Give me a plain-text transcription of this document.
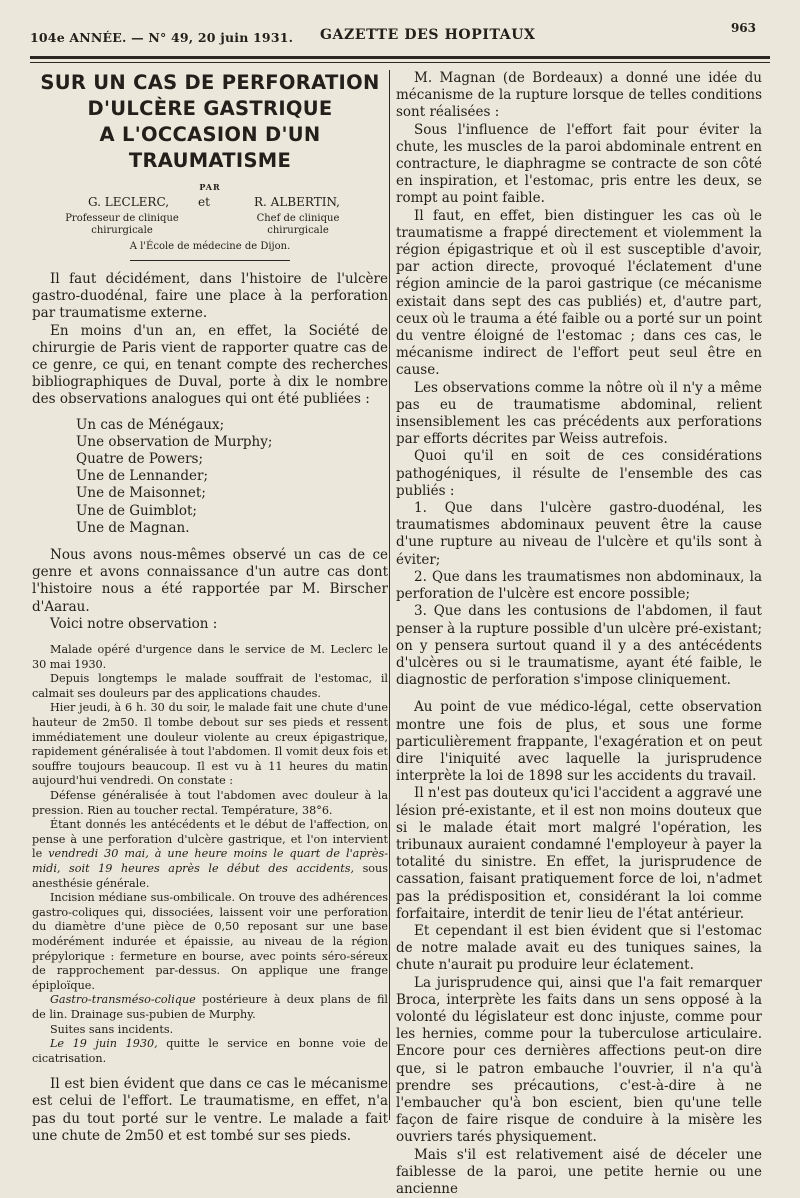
104e ANNÉE. — N° 49, 20 juin 1931. GAZETTE DES HOPITAUX	963
SUR UN CAS DE PERFORATION
D'ULCÈRE GASTRIQUE
A L'OCCASION D'UN TRAUMATISME
PAR
G. LECLERC, et	R. ALBERTIN,
Professeur de clinique
chirurgicale
Chef de clinique
chirurgicale
A l'École de médecine de Dijon.

Il faut décidément, dans l'histoire de l'ulcère gastro-duodénal, faire une place à la perforation par traumatisme externe.

En moins d'un an, en effet, la Société de chirurgie de Paris vient de rapporter quatre cas de ce genre, ce qui, en tenant compte des recherches bibliographiques de Duval, porte à dix le nombre des observations analogues qui ont été publiées :

Un cas de Ménégaux;
Une observation de Murphy;
Quatre de Powers;
Une de Lennander;
Une de Maisonnet;
Une de Guimblot;
Une de Magnan.

Nous avons nous-mêmes observé un cas de ce genre et avons connaissance d'un autre cas dont l'histoire nous a été rapportée par M. Birscher d'Aarau.

Voici notre observation :

Malade opéré d'urgence dans le service de M. Leclerc le 30 mai 1930.

Depuis longtemps le malade souffrait de l'estomac, il calmait ses douleurs par des applications chaudes.

Hier jeudi, à 6 h. 30 du soir, le malade fait une chute d'une hauteur de 2m50. Il tombe debout sur ses pieds et ressent immédiatement une douleur violente au creux épigastrique, rapidement généralisée à tout l'abdomen. Il vomit deux fois et souffre toujours beaucoup. Il est vu à 11 heures du matin aujourd'hui vendredi. On constate :

Défense généralisée à tout l'abdomen avec douleur à la pression. Rien au toucher rectal. Température, 38°6.

Étant donnés les antécédents et le début de l'affection, on pense à une perforation d'ulcère gastrique, et l'on intervient le vendredi 30 mai, à une heure moins le quart de l'après-midi, soit 19 heures après le début des accidents, sous anesthésie générale.

Incision médiane sus-ombilicale. On trouve des adhérences gastro-coliques qui, dissociées, laissent voir une perforation du diamètre d'une pièce de 0,50 reposant sur une base modérément indurée et épaissie, au niveau de la région prépylorique : fermeture en bourse, avec points séro-séreux de rapprochement par-dessus. On applique une frange épiploïque.

Gastro-transméso-colique postérieure à deux plans de fil de lin. Drainage sus-pubien de Murphy.

Suites sans incidents.

Le 19 juin 1930, quitte le service en bonne voie de cicatrisation.

Il est bien évident que dans ce cas le mécanisme est celui de l'effort. Le traumatisme, en effet, n'a pas du tout porté sur le ventre. Le malade a fait une chute de 2m50 et est tombé sur ses pieds.

M. Magnan (de Bordeaux) a donné une idée du mécanisme de la rupture lorsque de telles conditions sont réalisées :

Sous l'influence de l'effort fait pour éviter la chute, les muscles de la paroi abdominale entrent en contracture, le diaphragme se contracte de son côté en inspiration, et l'estomac, pris entre les deux, se rompt au point faible.

Il faut, en effet, bien distinguer les cas où le traumatisme a frappé directement et violemment la région épigastrique et où il est susceptible d'avoir, par action directe, provoqué l'éclatement d'une région amincie de la paroi gastrique (ce mécanisme existait dans sept des cas publiés) et, d'autre part, ceux où le trauma a été faible ou a porté sur un point du ventre éloigné de l'estomac ; dans ces cas, le mécanisme indirect de l'effort peut seul être en cause.

Les observations comme la nôtre où il n'y a même pas eu de traumatisme abdominal, relient insensiblement les cas précédents aux perforations par efforts décrites par Weiss autrefois.

Quoi qu'il en soit de ces considérations pathogéniques, il résulte de l'ensemble des cas publiés :

1. Que dans l'ulcère gastro-duodénal, les traumatismes abdominaux peuvent être la cause d'une rupture au niveau de l'ulcère et qu'ils sont à éviter;

2. Que dans les traumatismes non abdominaux, la perforation de l'ulcère est encore possible;

3. Que dans les contusions de l'abdomen, il faut penser à la rupture possible d'un ulcère pré-existant; on y pensera surtout quand il y a des antécédents d'ulcères ou si le traumatisme, ayant été faible, le diagnostic de perforation s'impose cliniquement.

Au point de vue médico-légal, cette observation montre une fois de plus, et sous une forme particulièrement frappante, l'exagération et on peut dire l'iniquité avec laquelle la jurisprudence interprète la loi de 1898 sur les accidents du travail.

Il n'est pas douteux qu'ici l'accident a aggravé une lésion pré-existante, et il est non moins douteux que si le malade était mort malgré l'opération, les tribunaux auraient condamné l'employeur à payer la totalité du sinistre. En effet, la jurisprudence de cassation, faisant pratiquement force de loi, n'admet pas la prédisposition et, considérant la loi comme forfaitaire, interdit de tenir lieu de l'état antérieur.

Et cependant il est bien évident que si l'estomac de notre malade avait eu des tuniques saines, la chute n'aurait pu produire leur éclatement.

La jurisprudence qui, ainsi que l'a fait remarquer Broca, interprète les faits dans un sens opposé à la volonté du législateur est donc injuste, comme pour les hernies, comme pour la tuberculose articulaire. Encore pour ces dernières affections peut-on dire que, si le patron embauche l'ouvrier, il n'a qu'à prendre ses précautions, c'est-à-dire à ne l'embaucher qu'à bon escient, bien qu'une telle façon de faire risque de conduire à la misère les ouvriers tarés physiquement.

Mais s'il est relativement aisé de déceler une faiblesse de la paroi, une petite hernie ou une ancienne
